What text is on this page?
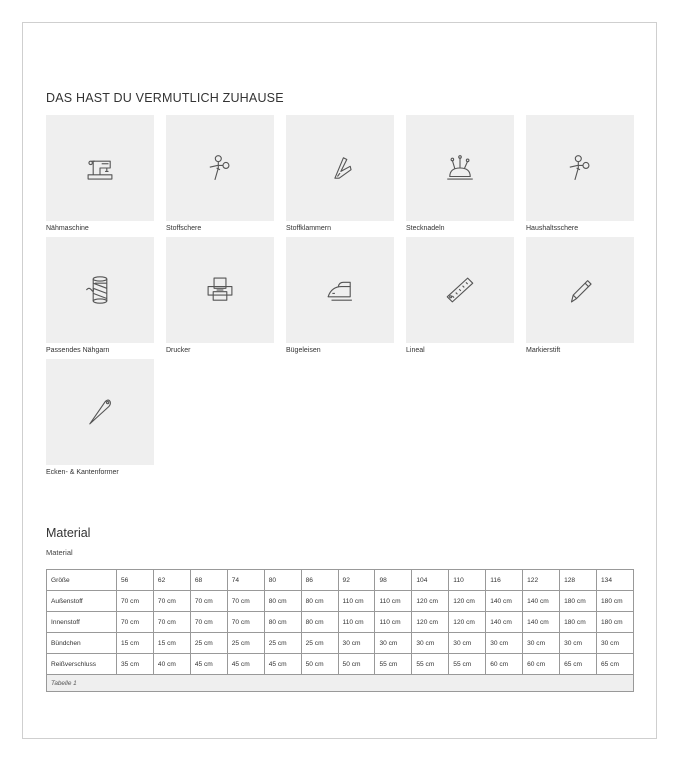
DAS HAST DU VERMUTLICH ZUHAUSE
Nähmaschine	Stoffschere	Stoffklammern	Stecknadeln	Haushaltsschere
Passendes Nähgarn	Drucker	Bügeleisen	Lineal	Markierstift
Ecken- & Kantenformer
Material
Material
Größe	56	62	68	74	80	86	92	98	104	110	116	122	128	134
Außenstoff	70 cm	70 cm	70 cm	70 cm	80 cm	80 cm	110 cm	110 cm	120 cm	120 cm	140 cm	140 cm	180 cm	180 cm
Innenstoff	70 cm	70 cm	70 cm	70 cm	80 cm	80 cm	110 cm	110 cm	120 cm	120 cm	140 cm	140 cm	180 cm	180 cm
Bündchen	15 cm	15 cm	25 cm	25 cm	25 cm	25 cm	30 cm	30 cm	30 cm	30 cm	30 cm	30 cm	30 cm	30 cm
Reißverschluss	35 cm	40 cm	45 cm	45 cm	45 cm	50 cm	50 cm	55 cm	55 cm	55 cm	60 cm	60 cm	65 cm	65 cm
Tabelle 1														
